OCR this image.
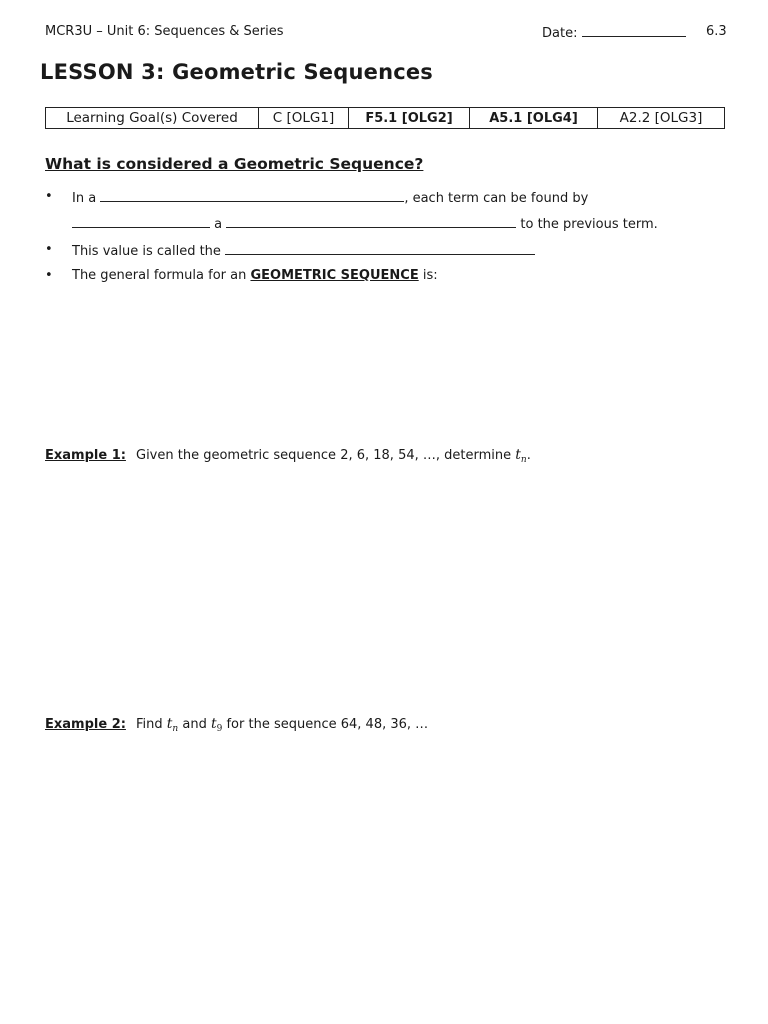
MCR3U – Unit 6: Sequences & Series	Date:	6.3
LESSON 3: Geometric Sequences
Learning Goal(s) Covered	C [OLG1]	F5.1 [OLG2]	A5.1 [OLG4]	A2.2 [OLG3]
What is considered a Geometric Sequence?
• In a	, each term can be found by
a	to the previous term.
• This value is called the
• The general formula for an GEOMETRIC SEQUENCE is:
Example 1: Given the geometric sequence 2, 6, 18, 54, …, determine $t_n$.
Example 2: Find $t_n$ and $t_9$ for the sequence 64, 48, 36, …
